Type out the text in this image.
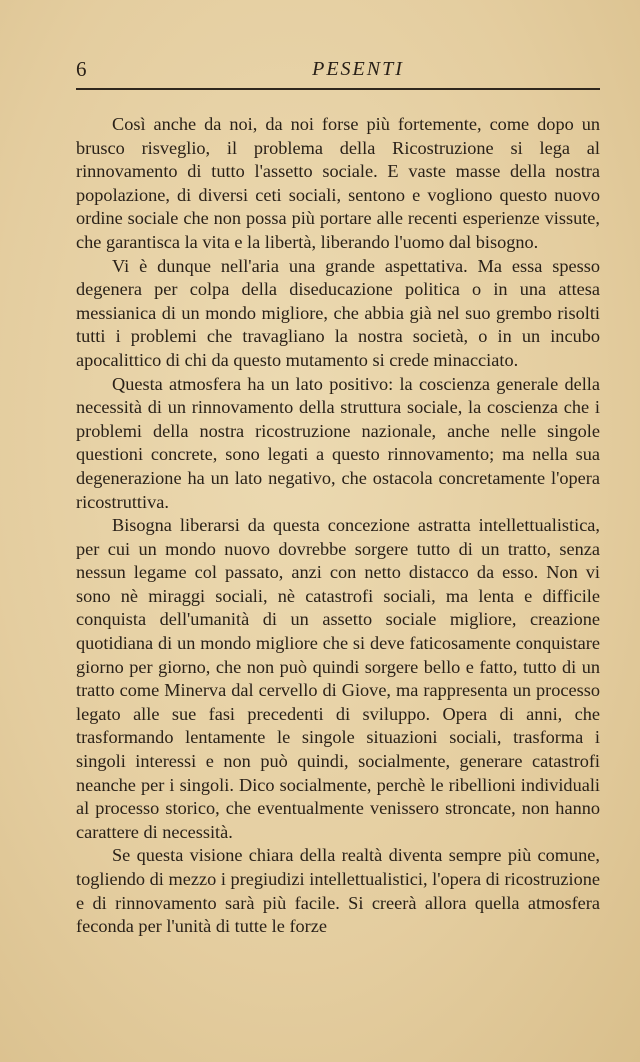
6	PESENTI

Così anche da noi, da noi forse più fortemente, come dopo un brusco risveglio, il problema della Ricostruzione si lega al rinnovamento di tutto l'assetto sociale. E vaste masse della nostra popolazione, di diversi ceti sociali, sentono e vogliono questo nuovo ordine sociale che non possa più portare alle recenti esperienze vissute, che garantisca la vita e la libertà, liberando l'uomo dal bisogno.

Vi è dunque nell'aria una grande aspettativa. Ma essa spesso degenera per colpa della diseducazione politica o in una attesa messianica di un mondo migliore, che abbia già nel suo grembo risolti tutti i problemi che travagliano la nostra società, o in un incubo apocalittico di chi da questo mutamento si crede minacciato.

Questa atmosfera ha un lato positivo: la coscienza generale della necessità di un rinnovamento della struttura sociale, la coscienza che i problemi della nostra ricostruzione nazionale, anche nelle singole questioni concrete, sono legati a questo rinnovamento; ma nella sua degenerazione ha un lato negativo, che ostacola concretamente l'opera ricostruttiva.

Bisogna liberarsi da questa concezione astratta intellettualistica, per cui un mondo nuovo dovrebbe sorgere tutto di un tratto, senza nessun legame col passato, anzi con netto distacco da esso. Non vi sono nè miraggi sociali, nè catastrofi sociali, ma lenta e difficile conquista dell'umanità di un assetto sociale migliore, creazione quotidiana di un mondo migliore che si deve faticosamente conquistare giorno per giorno, che non può quindi sorgere bello e fatto, tutto di un tratto come Minerva dal cervello di Giove, ma rappresenta un processo legato alle sue fasi precedenti di sviluppo. Opera di anni, che trasformando lentamente le singole situazioni sociali, trasforma i singoli interessi e non può quindi, socialmente, generare catastrofi neanche per i singoli. Dico socialmente, perchè le ribellioni individuali al processo storico, che eventualmente venissero stroncate, non hanno carattere di necessità.

Se questa visione chiara della realtà diventa sempre più comune, togliendo di mezzo i pregiudizi intellettualistici, l'opera di ricostruzione e di rinnovamento sarà più facile. Si creerà allora quella atmosfera feconda per l'unità di tutte le forze
